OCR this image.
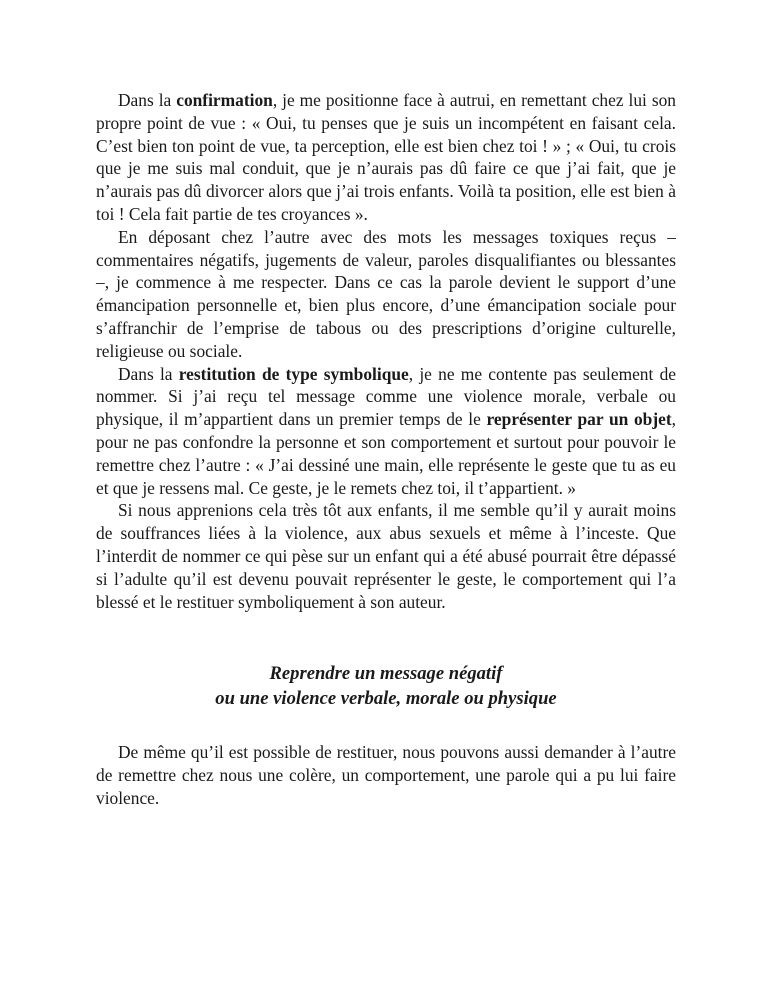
Dans la confirmation, je me positionne face à autrui, en remettant chez lui son propre point de vue : « Oui, tu penses que je suis un incompétent en faisant cela. C’est bien ton point de vue, ta perception, elle est bien chez toi ! » ; « Oui, tu crois que je me suis mal conduit, que je n’aurais pas dû faire ce que j’ai fait, que je n’aurais pas dû divorcer alors que j’ai trois enfants. Voilà ta position, elle est bien à toi ! Cela fait partie de tes croyances ».

En déposant chez l’autre avec des mots les messages toxiques reçus – commentaires négatifs, jugements de valeur, paroles disqualifiantes ou blessantes –, je commence à me respecter. Dans ce cas la parole devient le support d’une émancipation personnelle et, bien plus encore, d’une émancipation sociale pour s’affranchir de l’emprise de tabous ou des prescriptions d’origine culturelle, religieuse ou sociale.

Dans la restitution de type symbolique, je ne me contente pas seulement de nommer. Si j’ai reçu tel message comme une violence morale, verbale ou physique, il m’appartient dans un premier temps de le représenter par un objet, pour ne pas confondre la personne et son comportement et surtout pour pouvoir le remettre chez l’autre : « J’ai dessiné une main, elle représente le geste que tu as eu et que je ressens mal. Ce geste, je le remets chez toi, il t’appartient. »

Si nous apprenions cela très tôt aux enfants, il me semble qu’il y aurait moins de souffrances liées à la violence, aux abus sexuels et même à l’inceste. Que l’interdit de nommer ce qui pèse sur un enfant qui a été abusé pourrait être dépassé si l’adulte qu’il est devenu pouvait représenter le geste, le comportement qui l’a blessé et le restituer symboliquement à son auteur.

Reprendre un message négatif
ou une violence verbale, morale ou physique

De même qu’il est possible de restituer, nous pouvons aussi demander à l’autre de remettre chez nous une colère, un comportement, une parole qui a pu lui faire violence.
